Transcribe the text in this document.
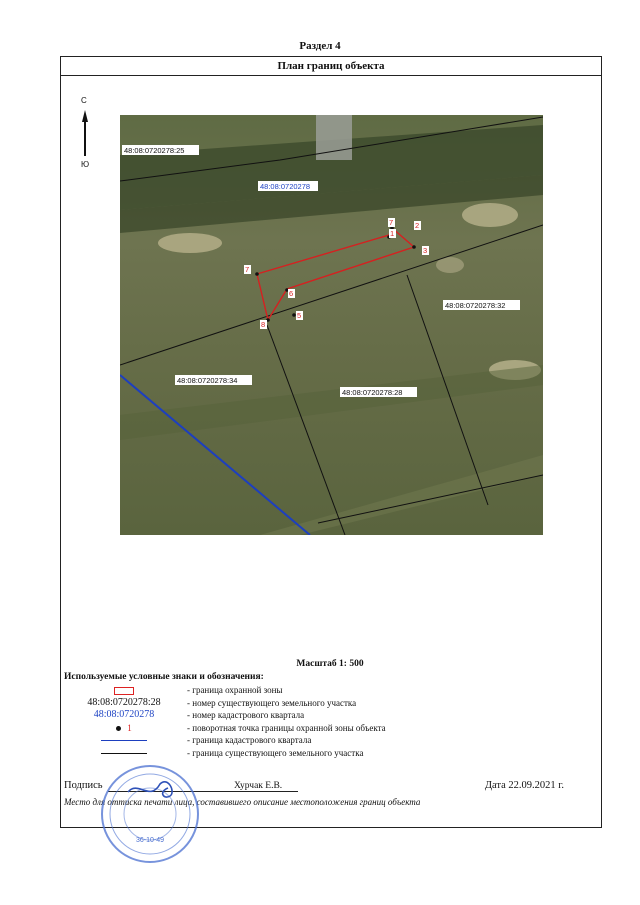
Раздел 4
План границ объекта
С
Ю
7
1
2
3
7
6
5
8
48:08:0720278:25
48:08:0720278
48:08:0720278:32
48:08:0720278:34
48:08:0720278:28
Масштаб 1: 500
Используемые условные знаки и обозначения:
- граница охранной зоны
48:08:0720278:28	- номер существующего земельного участка
48:08:0720278	- номер кадастрового квартала
1	- поворотная точка границы охранной зоны объекта
- граница кадастрового квартала
- граница существующего земельного участка
Подпись	Хурчак Е.В.	Дата 22.09.2021 г.
Место для оттиска печати лица, составившего описание местоположения границ объекта
36-10-49
